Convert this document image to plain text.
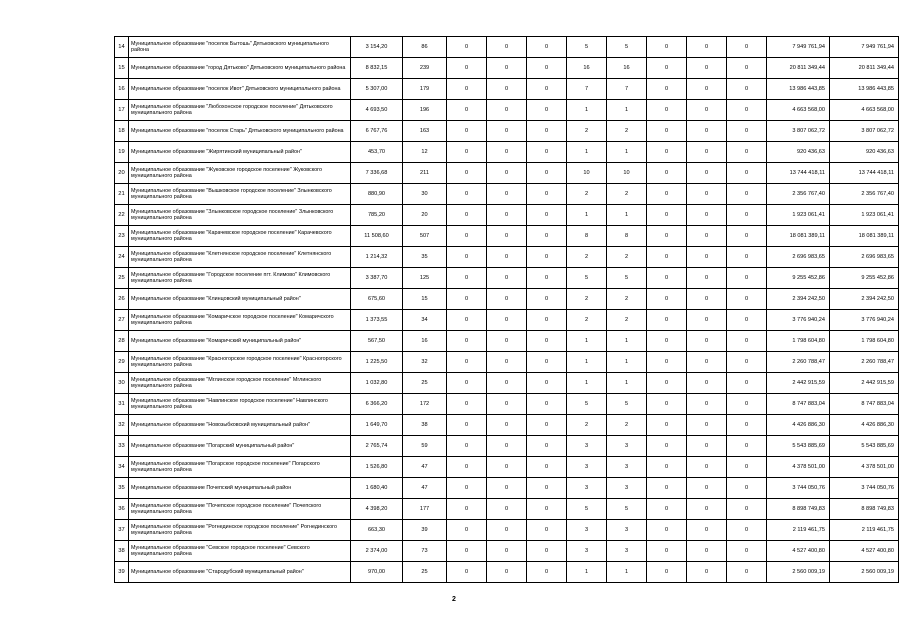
14	Муниципальное образование "поселок Бытошь" Дятьковского муниципального района	3 154,20	86	0	0	0	5	5	0	0	0	7 949 761,94	7 949 761,94
15	Муниципальное образование "город Дятьково" Дятьковского муниципального района	8 832,15	239	0	0	0	16	16	0	0	0	20 811 349,44	20 811 349,44
16	Муниципальное образование "поселок Ивот" Дятьковского муниципального района	5 307,00	179	0	0	0	7	7	0	0	0	13 986 443,85	13 986 443,85
17	Муниципальное образование "Любохонское городское поселение" Дятьковского муниципального района	4 693,50	196	0	0	0	1	1	0	0	0	4 663 568,00	4 663 568,00
18	Муниципальное образование "поселок Старь" Дятьковского муниципального района	6 767,76	163	0	0	0	2	2	0	0	0	3 807 062,72	3 807 062,72
19	Муниципальное образование "Жирятинский муниципальный район"	453,70	12	0	0	0	1	1	0	0	0	920 436,63	920 436,63
20	Муниципальное образование "Жуковское городское поселение" Жуковского муниципального района	7 336,68	211	0	0	0	10	10	0	0	0	13 744 418,11	13 744 418,11
21	Муниципальное образование "Вышковское городское поселение" Злынковского муниципального района	880,90	30	0	0	0	2	2	0	0	0	2 356 767,40	2 356 767,40
22	Муниципальное образование "Злынковское городское поселение" Злынковского муниципального района	785,20	20	0	0	0	1	1	0	0	0	1 923 061,41	1 923 061,41
23	Муниципальное образование "Карачевское городское поселение" Карачевского муниципального района	11 508,60	507	0	0	0	8	8	0	0	0	18 081 389,11	18 081 389,11
24	Муниципальное образование "Клетнянское городское поселение" Клетнянского муниципального района	1 214,32	35	0	0	0	2	2	0	0	0	2 696 983,65	2 696 983,65
25	Муниципальное образование "Городское поселение пгт. Климово" Климовского муниципального района	3 387,70	125	0	0	0	5	5	0	0	0	9 255 452,86	9 255 452,86
26	Муниципальное образование "Клинцовский муниципальный район"	675,60	15	0	0	0	2	2	0	0	0	2 394 242,50	2 394 242,50
27	Муниципальное образование "Комаричское городское поселение" Комаричского муниципального района	1 373,55	34	0	0	0	2	2	0	0	0	3 776 940,24	3 776 940,24
28	Муниципальное образование "Комаричский муниципальный район"	567,50	16	0	0	0	1	1	0	0	0	1 798 604,80	1 798 604,80
29	Муниципальное образование "Красногорское городское поселение" Красногорского муниципального района	1 225,50	32	0	0	0	1	1	0	0	0	2 260 788,47	2 260 788,47
30	Муниципальное образование "Мглинское городское поселение" Мглинского муниципального района	1 032,80	25	0	0	0	1	1	0	0	0	2 442 915,59	2 442 915,59
31	Муниципальное образование "Навлинское городское поселение" Навлинского муниципального района	6 366,20	172	0	0	0	5	5	0	0	0	8 747 883,04	8 747 883,04
32	Муниципальное образование "Новозыбковский муниципальный район"	1 649,70	38	0	0	0	2	2	0	0	0	4 426 886,30	4 426 886,30
33	Муниципальное образование "Погарский муниципальный район"	2 765,74	59	0	0	0	3	3	0	0	0	5 543 885,69	5 543 885,69
34	Муниципальное образование "Погарское городское поселение" Погарского муниципального района	1 526,80	47	0	0	0	3	3	0	0	0	4 378 501,00	4 378 501,00
35	Муниципальное образование Почепский муниципальный район	1 680,40	47	0	0	0	3	3	0	0	0	3 744 050,76	3 744 050,76
36	Муниципальное образование "Почепское городское поселение" Почепского муниципального района	4 398,20	177	0	0	0	5	5	0	0	0	8 898 749,83	8 898 749,83
37	Муниципальное образование "Рогнединское городское поселение" Рогнединского муниципального района	663,30	39	0	0	0	3	3	0	0	0	2 119 461,75	2 119 461,75
38	Муниципальное образование "Севское городское поселение" Севского муниципального района	2 374,00	73	0	0	0	3	3	0	0	0	4 527 400,80	4 527 400,80
39	Муниципальное образование "Стародубский муниципальный район"	970,00	25	0	0	0	1	1	0	0	0	2 560 009,19	2 560 009,19
2
